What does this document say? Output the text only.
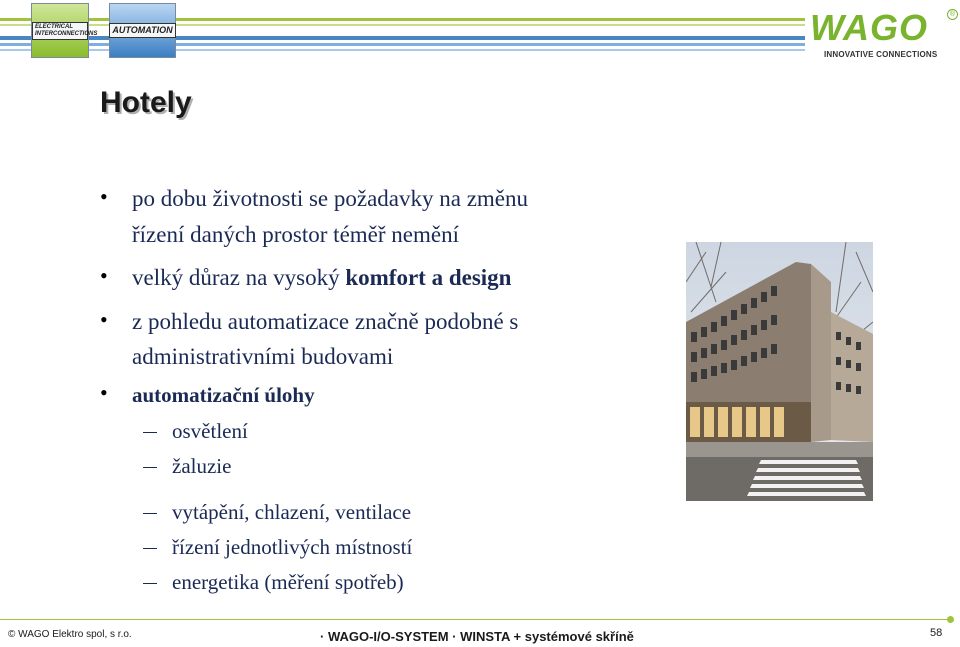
ELECTRICAL INTERCONNECTIONS	AUTOMATION	WAGO	®
INNOVATIVE CONNECTIONS
Hotely
• po dobu životnosti se požadavky na změnu
řízení daných prostor téměř nemění
• velký důraz na vysoký komfort a design
• z pohledu automatizace značně podobné s
administrativními budovami
• automatizační úlohy
osvětlení
žaluzie
vytápění, chlazení, ventilace
řízení jednotlivých místností
energetika (měření spotřeb)
© WAGO Elektro spol, s r.o.	· WAGO-I/O-SYSTEM · WINSTA + systémové skříně	58
